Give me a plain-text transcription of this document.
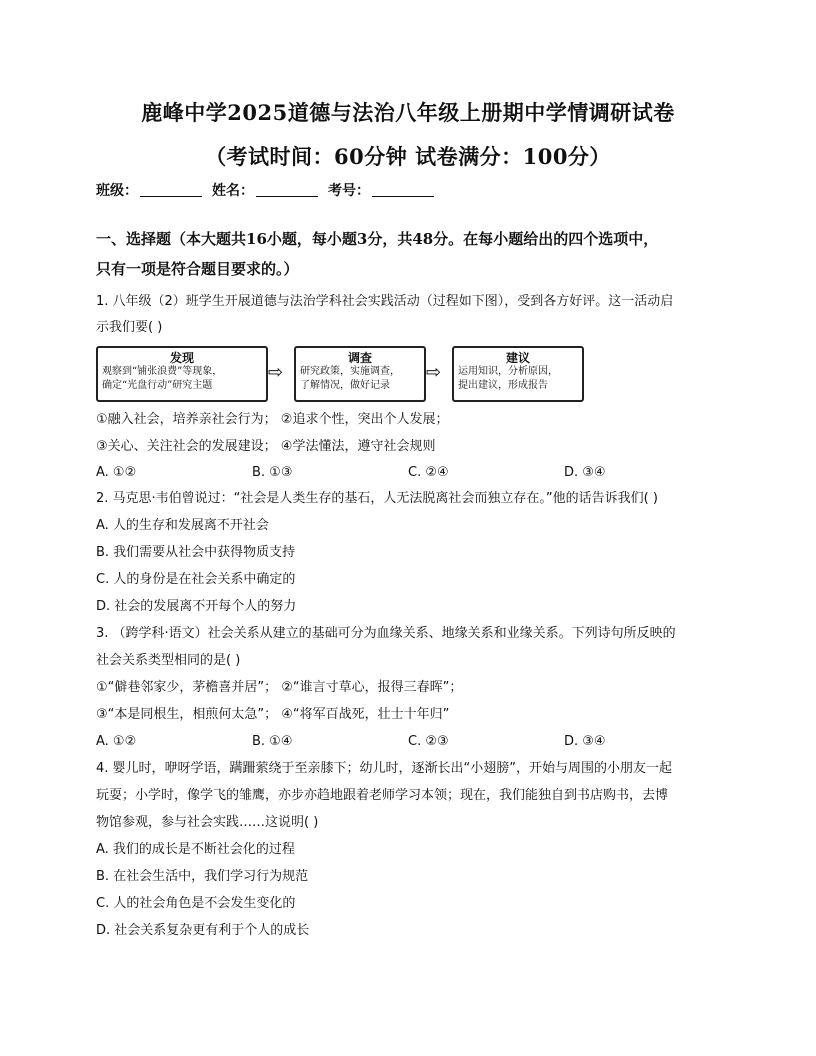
鹿峰中学2025道德与法治八年级上册期中学情调研试卷
（考试时间：60分钟 试卷满分：100分）
班级：	姓名：	考号：
一、选择题（本大题共16小题，每小题3分，共48分。在每小题给出的四个选项中，
只有一项是符合题目要求的。）
1. 八年级（2）班学生开展道德与法治学科社会实践活动（过程如下图），受到各方好评。这一活动启
示我们要( )
发现
观察到“铺张浪费”等现象，
确定“光盘行动”研究主题
⇨
调查
研究政策，实施调查，
了解情况，做好记录
⇨
建议
运用知识，分析原因，
提出建议，形成报告
①融入社会，培养亲社会行为； ②追求个性，突出个人发展；
③关心、关注社会的发展建设； ④学法懂法，遵守社会规则
A. ①②	B. ①③	C. ②④	D. ③④
2. 马克思·韦伯曾说过：“社会是人类生存的基石，人无法脱离社会而独立存在。”他的话告诉我们( )
A. 人的生存和发展离不开社会
B. 我们需要从社会中获得物质支持
C. 人的身份是在社会关系中确定的
D. 社会的发展离不开每个人的努力
3. （跨学科·语文）社会关系从建立的基础可分为血缘关系、地缘关系和业缘关系。下列诗句所反映的
社会关系类型相同的是( )
①“僻巷邻家少，茅檐喜并居”； ②“谁言寸草心，报得三春晖”；
③“本是同根生，相煎何太急”； ④“将军百战死，壮士十年归”
A. ①②	B. ①④	C. ②③	D. ③④
4. 婴儿时，咿呀学语，蹒跚萦绕于至亲膝下；幼儿时，逐渐长出“小翅膀”，开始与周围的小朋友一起
玩耍；小学时，像学飞的雏鹰，亦步亦趋地跟着老师学习本领；现在，我们能独自到书店购书，去博
物馆参观，参与社会实践……这说明( )
A. 我们的成长是不断社会化的过程
B. 在社会生活中，我们学习行为规范
C. 人的社会角色是不会发生变化的
D. 社会关系复杂更有利于个人的成长
